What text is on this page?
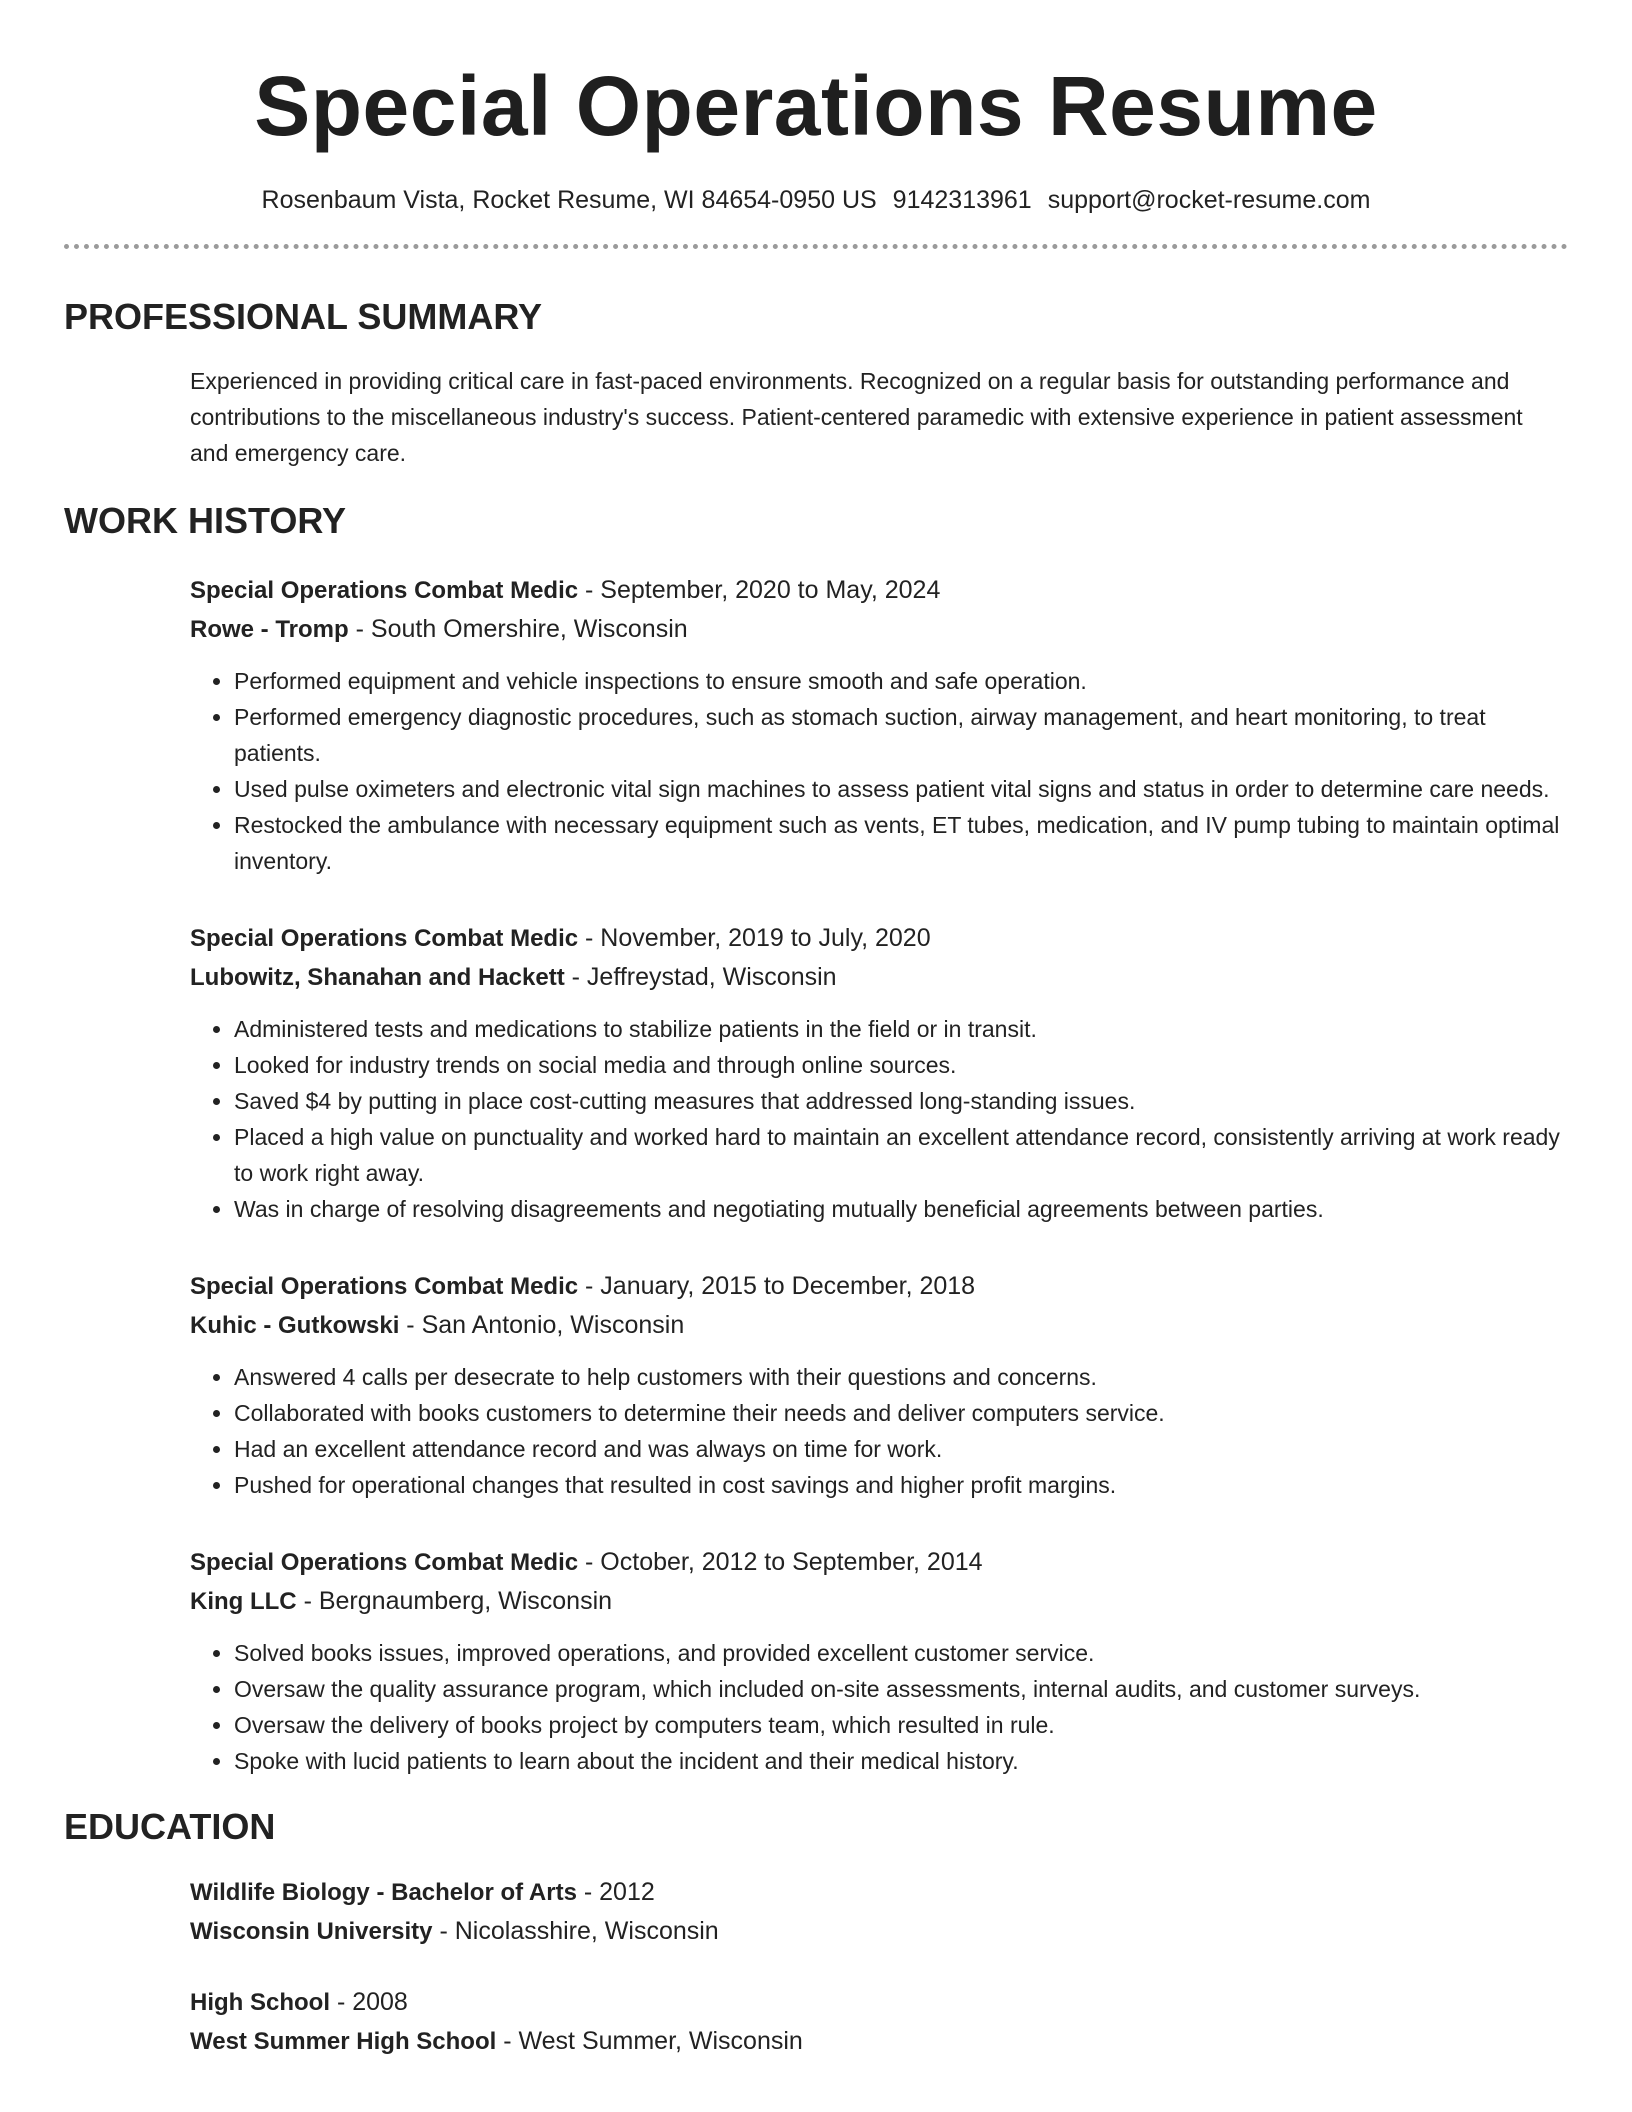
Special Operations Resume
Rosenbaum Vista, Rocket Resume, WI 84654-0950 US 9142313961 support@rocket-resume.com
PROFESSIONAL SUMMARY
Experienced in providing critical care in fast-paced environments. Recognized on a regular basis for outstanding performance and contributions to the miscellaneous industry's success. Patient-centered paramedic with extensive experience in patient assessment and emergency care.
WORK HISTORY
Special Operations Combat Medic - September, 2020 to May, 2024
Rowe - Tromp - South Omershire, Wisconsin
• Performed equipment and vehicle inspections to ensure smooth and safe operation.
• Performed emergency diagnostic procedures, such as stomach suction, airway management, and heart monitoring, to treat patients.
• Used pulse oximeters and electronic vital sign machines to assess patient vital signs and status in order to determine care needs.
• Restocked the ambulance with necessary equipment such as vents, ET tubes, medication, and IV pump tubing to maintain optimal inventory.
Special Operations Combat Medic - November, 2019 to July, 2020
Lubowitz, Shanahan and Hackett - Jeffreystad, Wisconsin
• Administered tests and medications to stabilize patients in the field or in transit.
• Looked for industry trends on social media and through online sources.
• Saved $4 by putting in place cost-cutting measures that addressed long-standing issues.
• Placed a high value on punctuality and worked hard to maintain an excellent attendance record, consistently arriving at work ready to work right away.
• Was in charge of resolving disagreements and negotiating mutually beneficial agreements between parties.
Special Operations Combat Medic - January, 2015 to December, 2018
Kuhic - Gutkowski - San Antonio, Wisconsin
• Answered 4 calls per desecrate to help customers with their questions and concerns.
• Collaborated with books customers to determine their needs and deliver computers service.
• Had an excellent attendance record and was always on time for work.
• Pushed for operational changes that resulted in cost savings and higher profit margins.
Special Operations Combat Medic - October, 2012 to September, 2014
King LLC - Bergnaumberg, Wisconsin
• Solved books issues, improved operations, and provided excellent customer service.
• Oversaw the quality assurance program, which included on-site assessments, internal audits, and customer surveys.
• Oversaw the delivery of books project by computers team, which resulted in rule.
• Spoke with lucid patients to learn about the incident and their medical history.
EDUCATION
Wildlife Biology - Bachelor of Arts - 2012
Wisconsin University - Nicolasshire, Wisconsin
High School - 2008
West Summer High School - West Summer, Wisconsin
